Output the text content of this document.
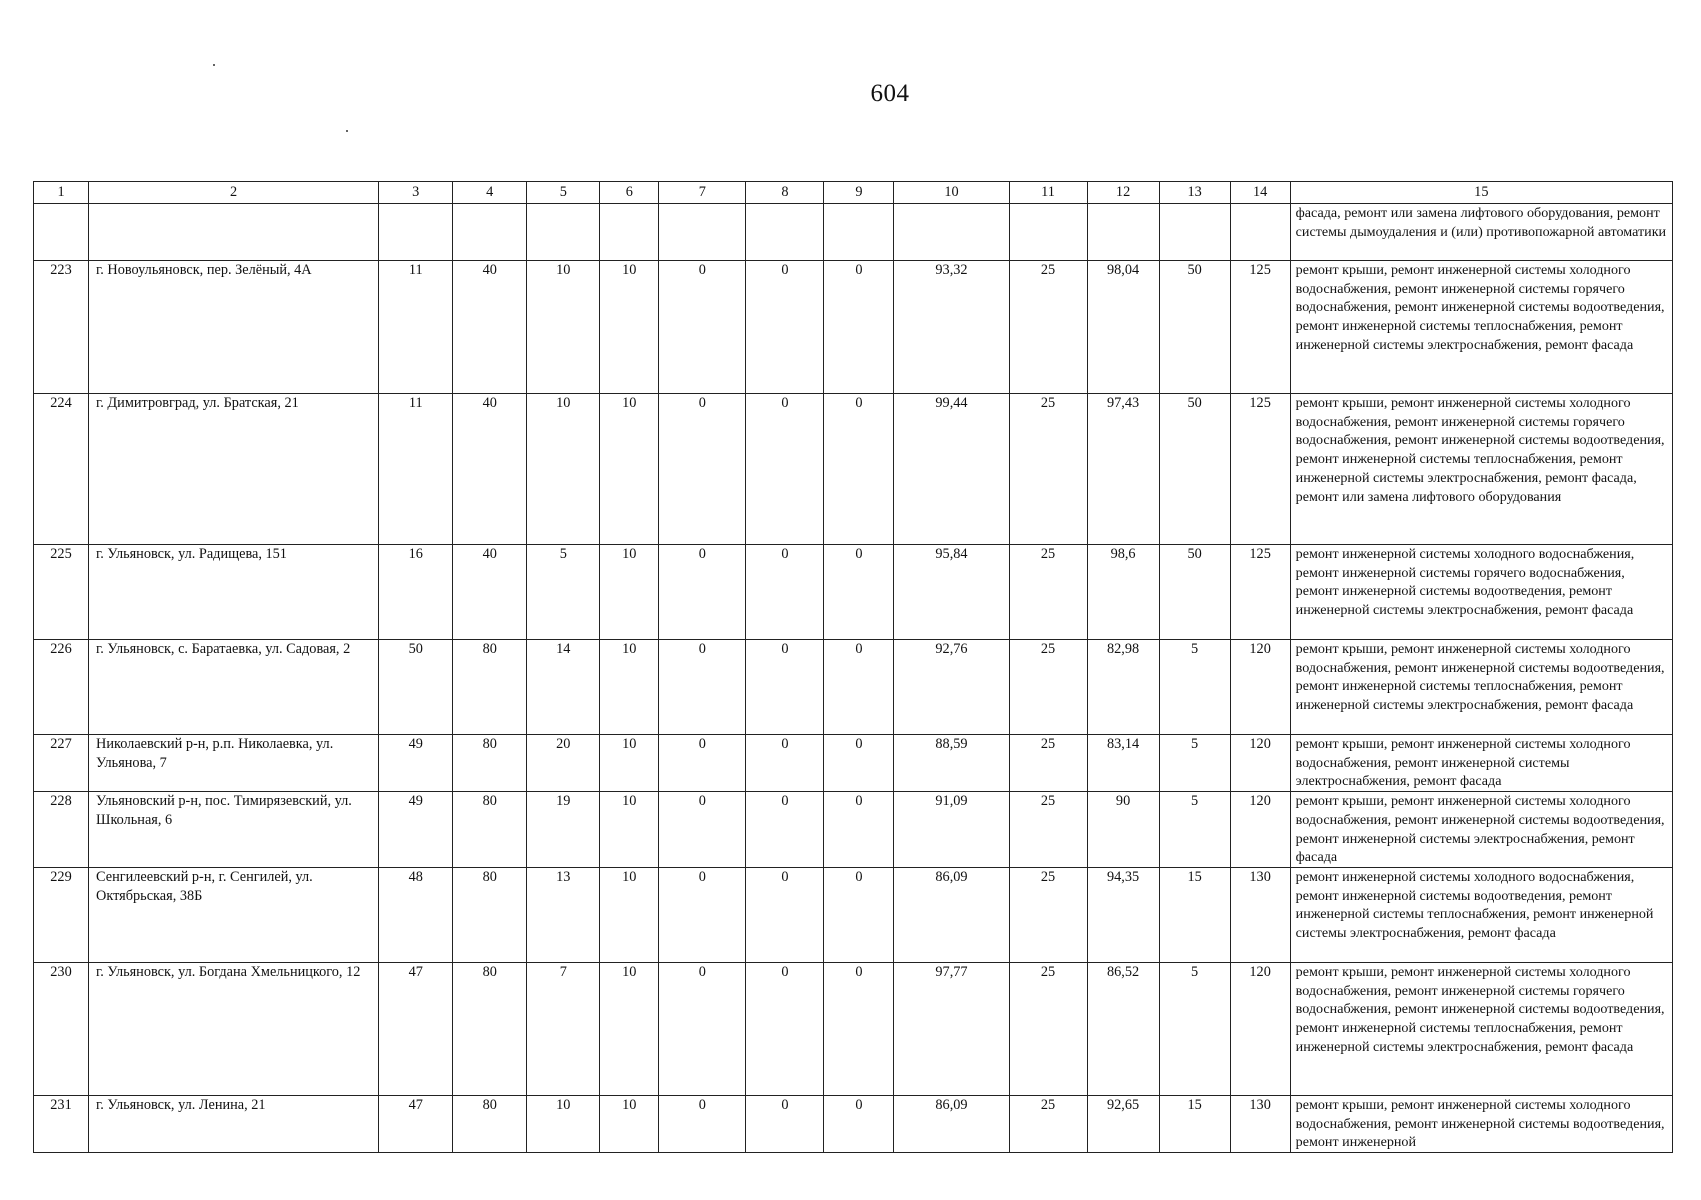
604
1	2	3	4	5	6	7	8	9	10	11	12	13	14	15
														фасада, ремонт или замена лифтового оборудования, ремонт системы дымоудаления и (или) противопожарной автоматики
223	г. Новоульяновск, пер. Зелёный, 4А	11	40	10	10	0	0	0	93,32	25	98,04	50	125	ремонт крыши, ремонт инженерной системы холодного водоснабжения, ремонт инженерной системы горячего водоснабжения, ремонт инженерной системы водоотведения, ремонт инженерной системы теплоснабжения, ремонт инженерной системы электроснабжения, ремонт фасада
224	г. Димитровград, ул. Братская, 21	11	40	10	10	0	0	0	99,44	25	97,43	50	125	ремонт крыши, ремонт инженерной системы холодного водоснабжения, ремонт инженерной системы горячего водоснабжения, ремонт инженерной системы водоотведения, ремонт инженерной системы теплоснабжения, ремонт инженерной системы электроснабжения, ремонт фасада, ремонт или замена лифтового оборудования
225	г. Ульяновск, ул. Радищева, 151	16	40	5	10	0	0	0	95,84	25	98,6	50	125	ремонт инженерной системы холодного водоснабжения, ремонт инженерной системы горячего водоснабжения, ремонт инженерной системы водоотведения, ремонт инженерной системы электроснабжения, ремонт фасада
226	г. Ульяновск, с. Баратаевка, ул. Садовая, 2	50	80	14	10	0	0	0	92,76	25	82,98	5	120	ремонт крыши, ремонт инженерной системы холодного водоснабжения, ремонт инженерной системы водоотведения, ремонт инженерной системы теплоснабжения, ремонт инженерной системы электроснабжения, ремонт фасада
227	Николаевский р-н, р.п. Николаевка, ул. Ульянова, 7	49	80	20	10	0	0	0	88,59	25	83,14	5	120	ремонт крыши, ремонт инженерной системы холодного водоснабжения, ремонт инженерной системы электроснабжения, ремонт фасада
228	Ульяновский р-н, пос. Тимирязевский, ул. Школьная, 6	49	80	19	10	0	0	0	91,09	25	90	5	120	ремонт крыши, ремонт инженерной системы холодного водоснабжения, ремонт инженерной системы водоотведения, ремонт инженерной системы электроснабжения, ремонт фасада
229	Сенгилеевский р-н, г. Сенгилей, ул. Октябрьская, 38Б	48	80	13	10	0	0	0	86,09	25	94,35	15	130	ремонт инженерной системы холодного водоснабжения, ремонт инженерной системы водоотведения, ремонт инженерной системы теплоснабжения, ремонт инженерной системы электроснабжения, ремонт фасада
230	г. Ульяновск, ул. Богдана Хмельницкого, 12	47	80	7	10	0	0	0	97,77	25	86,52	5	120	ремонт крыши, ремонт инженерной системы холодного водоснабжения, ремонт инженерной системы горячего водоснабжения, ремонт инженерной системы водоотведения, ремонт инженерной системы теплоснабжения, ремонт инженерной системы электроснабжения, ремонт фасада
231	г. Ульяновск, ул. Ленина, 21	47	80	10	10	0	0	0	86,09	25	92,65	15	130	ремонт крыши, ремонт инженерной системы холодного водоснабжения, ремонт инженерной системы водоотведения, ремонт инженерной
